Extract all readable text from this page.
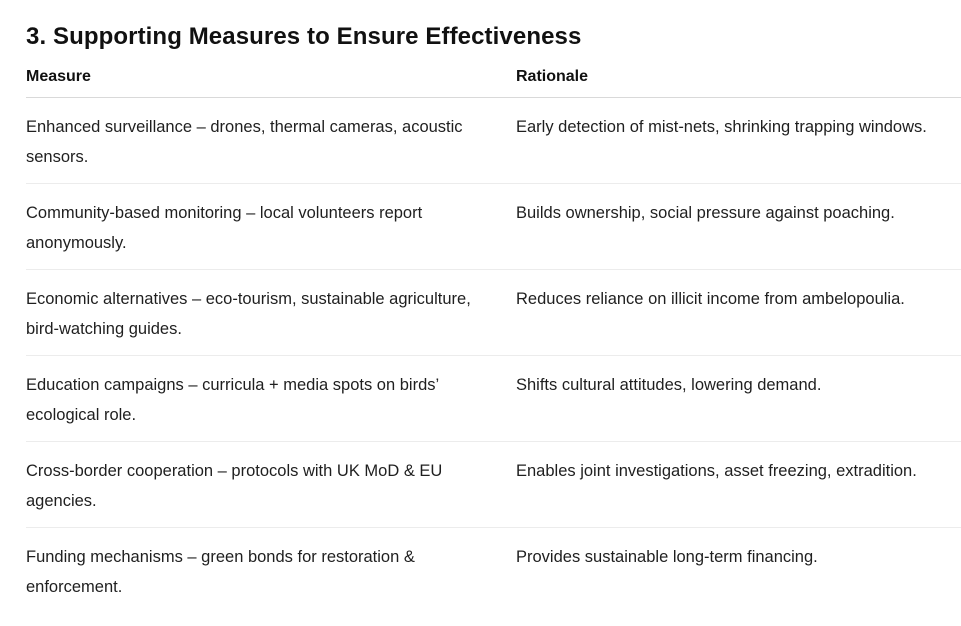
3. Supporting Measures to Ensure Effectiveness
Measure	Rationale
Enhanced surveillance – drones, thermal cameras, acoustic sensors.	Early detection of mist-nets, shrinking trapping windows.
Community-based monitoring – local volunteers report anonymously.	Builds ownership, social pressure against poaching.
Economic alternatives – eco-tourism, sustainable agriculture, bird-watching guides.	Reduces reliance on illicit income from ambelopoulia.
Education campaigns – curricula + media spots on birds’ ecological role.	Shifts cultural attitudes, lowering demand.
Cross-border cooperation – protocols with UK MoD & EU agencies.	Enables joint investigations, asset freezing, extradition.
Funding mechanisms – green bonds for restoration & enforcement.	Provides sustainable long-term financing.
